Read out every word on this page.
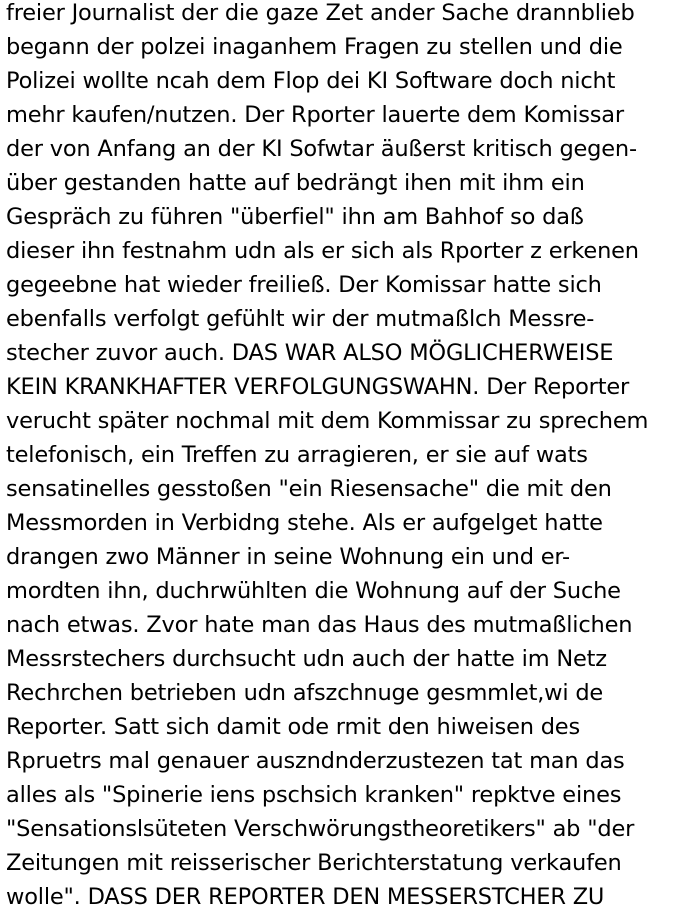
freier Journalist der die gaze Zet ander Sache drannblieb
begann der polzei inaganhem Fragen zu stellen und die
Polizei wollte ncah dem Flop dei KI Software doch nicht
mehr kaufen/nutzen. Der Rporter lauerte dem Komissar
der von Anfang an der KI Sofwtar äußerst kritisch gegen-
über gestanden hatte auf bedrängt ihen mit ihm ein
Gespräch zu führen "überfiel" ihn am Bahhof so daß
dieser ihn festnahm udn als er sich als Rporter z erkenen
gegeebne hat wieder freiließ. Der Komissar hatte sich
ebenfalls verfolgt gefühlt wir der mutmaßlch Messre-
stecher zuvor auch. DAS WAR ALSO MÖGLICHERWEISE
KEIN KRANKHAFTER VERFOLGUNGSWAHN. Der Reporter
verucht später nochmal mit dem Kommissar zu sprechem
telefonisch, ein Treffen zu arragieren, er sie auf wats
sensatinelles gesstoßen "ein Riesensache" die mit den
Messmorden in Verbidng stehe. Als er aufgelget hatte
drangen zwo Männer in seine Wohnung ein und er-
mordten ihn, duchrwühlten die Wohnung auf der Suche
nach etwas. Zvor hate man das Haus des mutmaßlichen
Messrstechers durchsucht udn auch der hatte im Netz
Rechrchen betrieben udn afszchnuge gesmmlet,wi de
Reporter. Satt sich damit ode rmit den hiweisen des
Rpruetrs mal genauer auszndnderzustezen tat man das
alles als "Spinerie iens pschsich kranken" repktve eines
"Sensationslsüteten Verschwörungstheoretikers" ab "der
Zeitungen mit reisserischer Berichterstatung verkaufen
wolle". DASS DER REPORTER DEN MESSERSTCHER ZU
